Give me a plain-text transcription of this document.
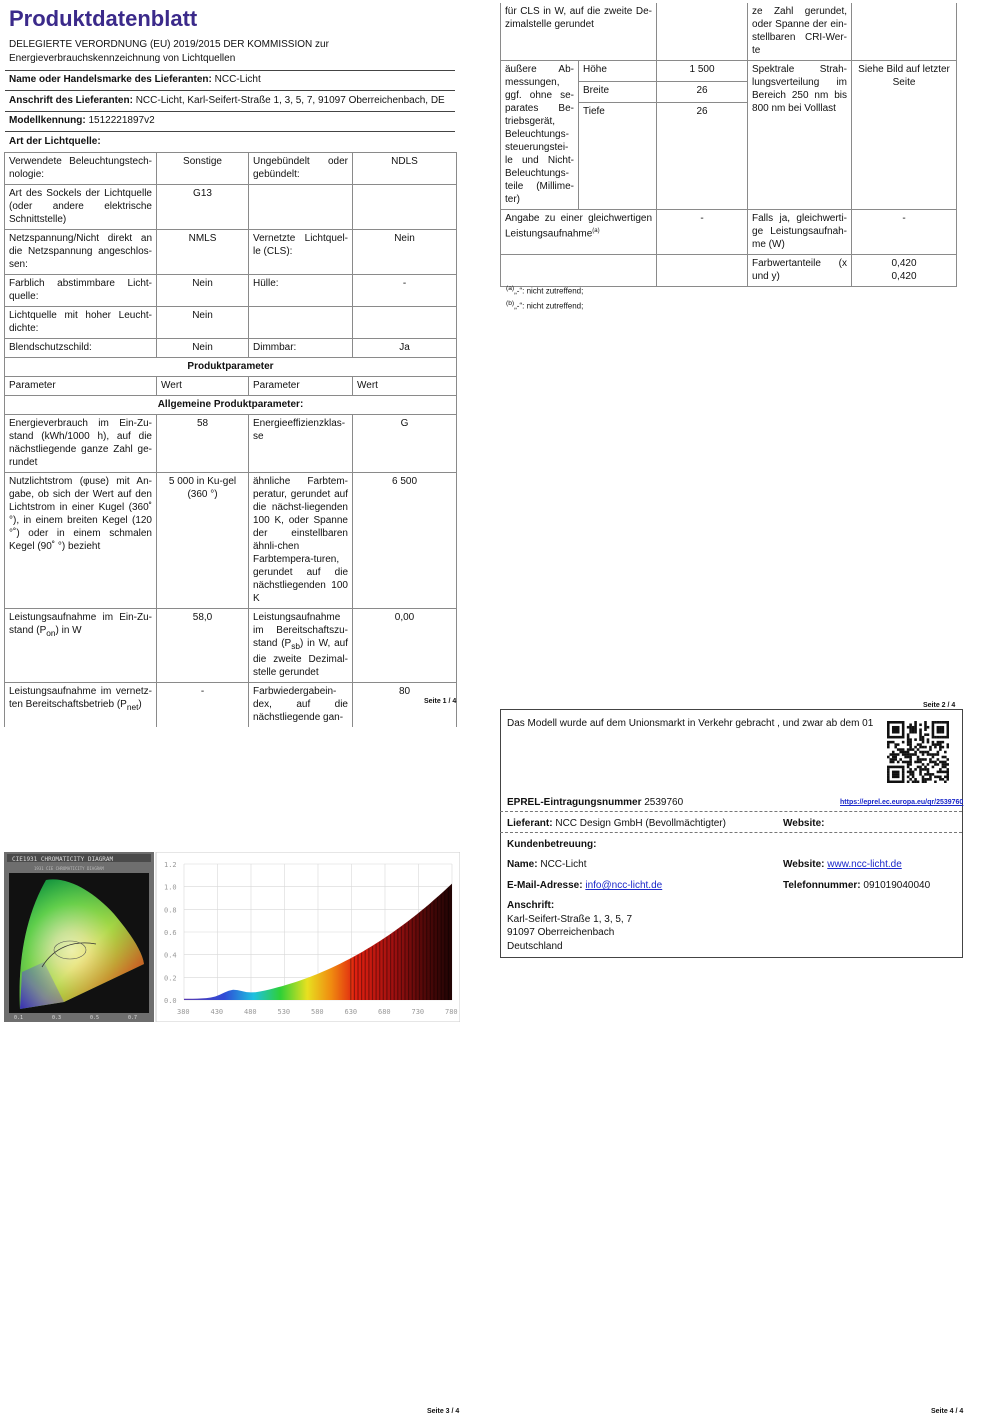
Produktdatenblatt
DELEGIERTE VERORDNUNG (EU) 2019/2015 DER KOMMISSION zur
Energieverbrauchskennzeichnung von Lichtquellen
Name oder Handelsmarke des Lieferanten: NCC-Licht
Anschrift des Lieferanten: NCC-Licht, Karl-Seifert-Straße 1, 3, 5, 7, 91097 Oberreichenbach, DE
Modellkennung: 1512221897v2
Art der Lichtquelle:
Verwendete Beleuchtungstech-nologie:	Sonstige	Ungebündelt oder gebündelt:	NDLS
Art des Sockels der Lichtquelle (oder andere elektrische Schnittstelle)	G13		
Netzspannung/Nicht direkt an die Netzspannung angeschlos-sen:	NMLS	Vernetzte Lichtquel-le (CLS):	Nein
Farblich abstimmbare Licht-quelle:	Nein	Hülle:	-
Lichtquelle mit hoher Leucht-dichte:	Nein		
Blendschutzschild:	Nein	Dimmbar:	Ja
Produktparameter			
Parameter	Wert	Parameter	Wert
Allgemeine Produktparameter:			
Energieverbrauch im Ein-Zu-stand (kWh/1000 h), auf die nächstliegende ganze Zahl ge-rundet	58	Energieeffizienzklas-se	G
Nutzlichtstrom (φuse) mit An-gabe, ob sich der Wert auf den Lichtstrom in einer Kugel (360˚ °), in einem breiten Kegel (120 °˚) oder in einem schmalen Kegel (90˚ °) bezieht	5 000 in Ku-gel (360 °)	ähnliche Farbtem-peratur, gerundet auf die nächst-liegenden 100 K, oder Spanne der einstellbaren ähnli-chen Farbtempera-turen, gerundet auf die nächstliegenden 100 K	6 500
Leistungsaufnahme im Ein-Zu-stand $(P_{on})$ in W	58,0	Leistungsaufnahme im Bereitschaftszu-stand $(P_{sb})$ in W, auf die zweite Dezimal-stelle gerundet	0,00
Leistungsaufnahme im vernetz-ten Bereitschaftsbetrieb $(P_{net})$	-	Farbwiedergabein-dex, auf die nächstliegende gan-	80
Seite 1 / 4
für CLS in W, auf die zweite De-zimalstelle gerundet			ze Zahl gerundet, oder Spanne der ein-stellbaren CRI-Wer-te	
äußere Ab-messungen, ggf. ohne se-parates Be-triebsgerät, Beleuchtungs-steuerungstei-le und Nicht-Beleuchtungs-teile (Millime-ter)	Höhe	1 500	Spektrale Strah-lungsverteilung im Bereich 250 nm bis 800 nm bei Volllast	Siehe Bild auf letzter Seite
	Breite	26		
	Tiefe	26		
Angabe zu einer gleichwertigen Leistungsaufnahme$^{(a)}$		-	Falls ja, gleichwerti-ge Leistungsaufnah-me (W)	-
			Farbwertanteile (x und y)	0,420
0,420
$^{(a)}$„-“: nicht zutreffend;
$^{(b)}$„-“: nicht zutreffend;
Seite 2 / 4
CIE1931 CHROMATICITY DIAGRAM
1931 CIE CHROMATICITY DIAGRAM
0.1	0.3	0.5	0.7
1.2
1.0
0.8
0.6
0.4
0.2
0.0
380	430	480	530	580	630	680	730	780
Seite 3 / 4
Das Modell wurde auf dem Unionsmarkt in Verkehr gebracht , und zwar ab dem 01
EPREL-Eintragungsnummer 2539760	https://eprel.ec.europa.eu/qr/2539760
Lieferant: NCC Design GmbH (Bevollmächtigter)	Website:
Kundenbetreuung:
Name: NCC-Licht	Website: www.ncc-licht.de
E-Mail-Adresse: info@ncc-licht.de	Telefonnummer: 091019040040
Anschrift:
Karl-Seifert-Straße 1, 3, 5, 7
91097 Oberreichenbach
Deutschland
Seite 4 / 4
